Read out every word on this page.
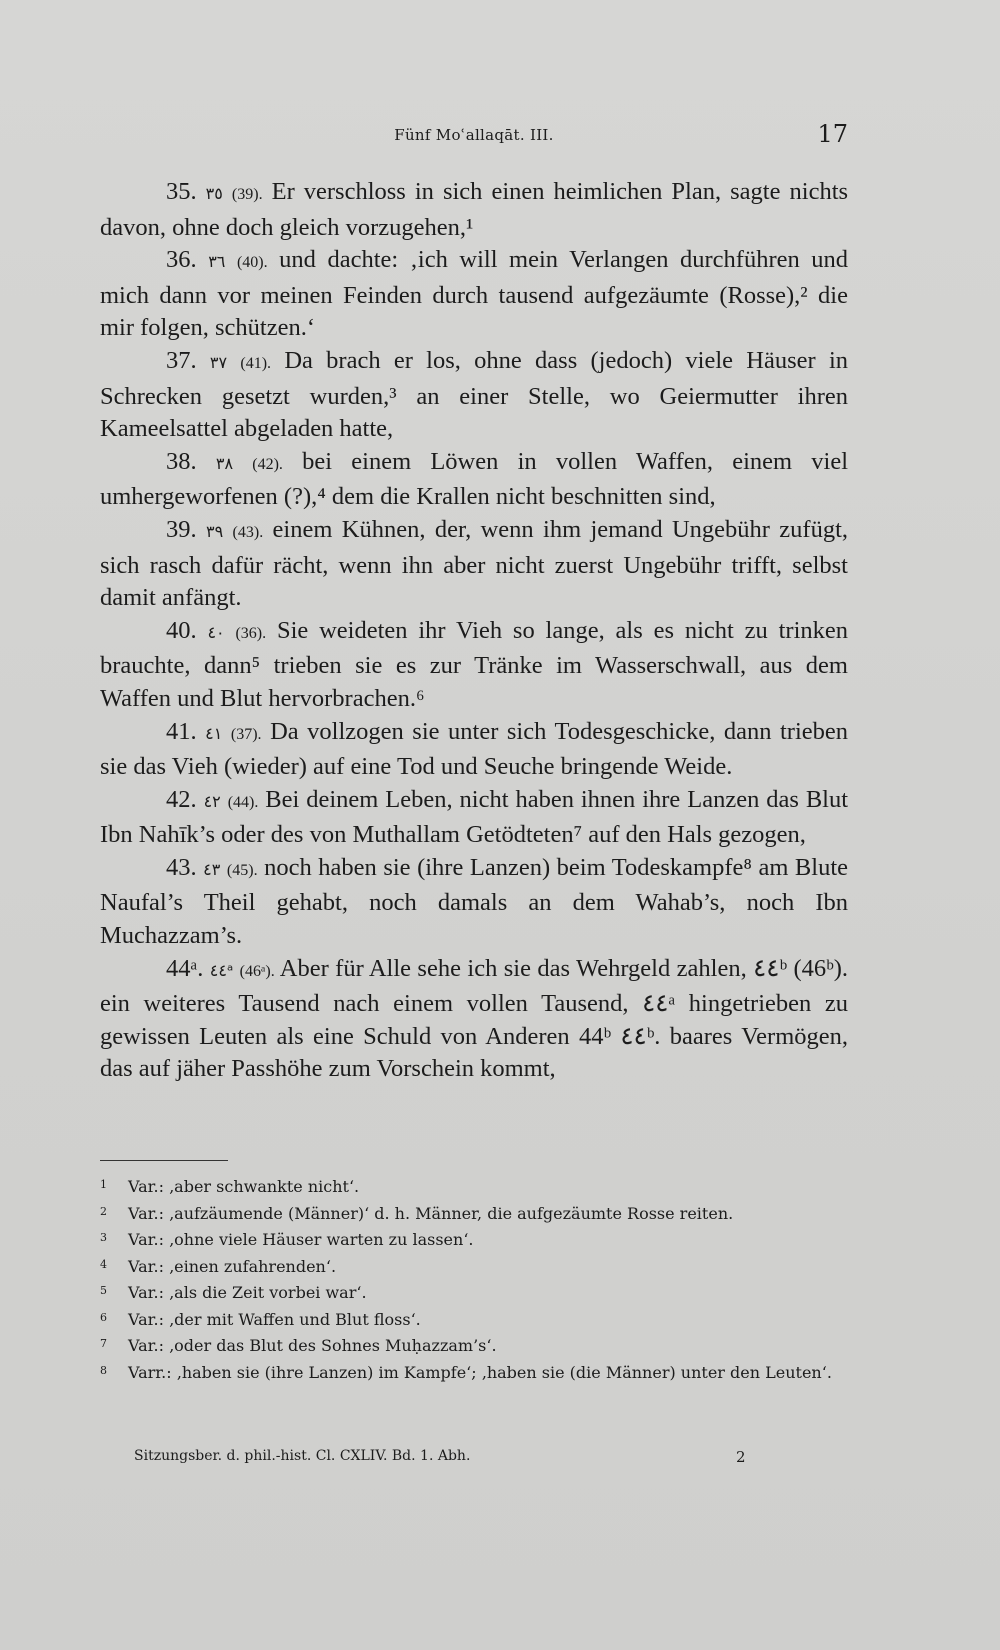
Fünf Moʿallaqāt. III.	17

35. ٣٥ (39). Er verschloss in sich einen heimlichen Plan, sagte nichts davon, ohne doch gleich vorzugehen,¹

36. ٣٦ (40). und dachte: ‚ich will mein Verlangen durchführen und mich dann vor meinen Feinden durch tausend aufgezäumte (Rosse),² die mir folgen, schützen.ʻ

37. ٣٧ (41). Da brach er los, ohne dass (jedoch) viele Häuser in Schrecken gesetzt wurden,³ an einer Stelle, wo Geiermutter ihren Kameelsattel abgeladen hatte,

38. ٣٨ (42). bei einem Löwen in vollen Waffen, einem viel umhergeworfenen (?),⁴ dem die Krallen nicht beschnitten sind,

39. ٣٩ (43). einem Kühnen, der, wenn ihm jemand Ungebühr zufügt, sich rasch dafür rächt, wenn ihn aber nicht zuerst Ungebühr trifft, selbst damit anfängt.

40. ٤٠ (36). Sie weideten ihr Vieh so lange, als es nicht zu trinken brauchte, dann⁵ trieben sie es zur Tränke im Wasserschwall, aus dem Waffen und Blut hervorbrachen.⁶

41. ٤١ (37). Da vollzogen sie unter sich Todesgeschicke, dann trieben sie das Vieh (wieder) auf eine Tod und Seuche bringende Weide.

42. ٤٢ (44). Bei deinem Leben, nicht haben ihnen ihre Lanzen das Blut Ibn Nahīk’s oder des von Muthallam Getödteten⁷ auf den Hals gezogen,

43. ٤٣ (45). noch haben sie (ihre Lanzen) beim Todeskampfe⁸ am Blute Naufal’s Theil gehabt, noch damals an dem Wahab’s, noch Ibn Muchazzam’s.

44ᵃ. ٤٤ᵃ (46ᵃ). Aber für Alle sehe ich sie das Wehrgeld zahlen, ٤٤ᵇ (46ᵇ). ein weiteres Tausend nach einem vollen Tausend, ٤٤ᵃ hingetrieben zu gewissen Leuten als eine Schuld von Anderen 44ᵇ ٤٤ᵇ. baares Vermögen, das auf jäher Passhöhe zum Vorschein kommt,

1	Var.: ‚aber schwankte nichtʻ.
2	Var.: ‚aufzäumende (Männer)ʻ d. h. Männer, die aufgezäumte Rosse reiten.
3	Var.: ‚ohne viele Häuser warten zu lassenʻ.
4	Var.: ‚einen zufahrendenʻ.
5	Var.: ‚als die Zeit vorbei warʻ.
6	Var.: ‚der mit Waffen und Blut flossʻ.
7	Var.: ‚oder das Blut des Sohnes Muḥazzam’sʻ.
8	Varr.: ‚haben sie (ihre Lanzen) im Kampfeʻ; ‚haben sie (die Männer) unter den Leutenʻ.
Sitzungsber. d. phil.-hist. Cl. CXLIV. Bd. 1. Abh.	2
